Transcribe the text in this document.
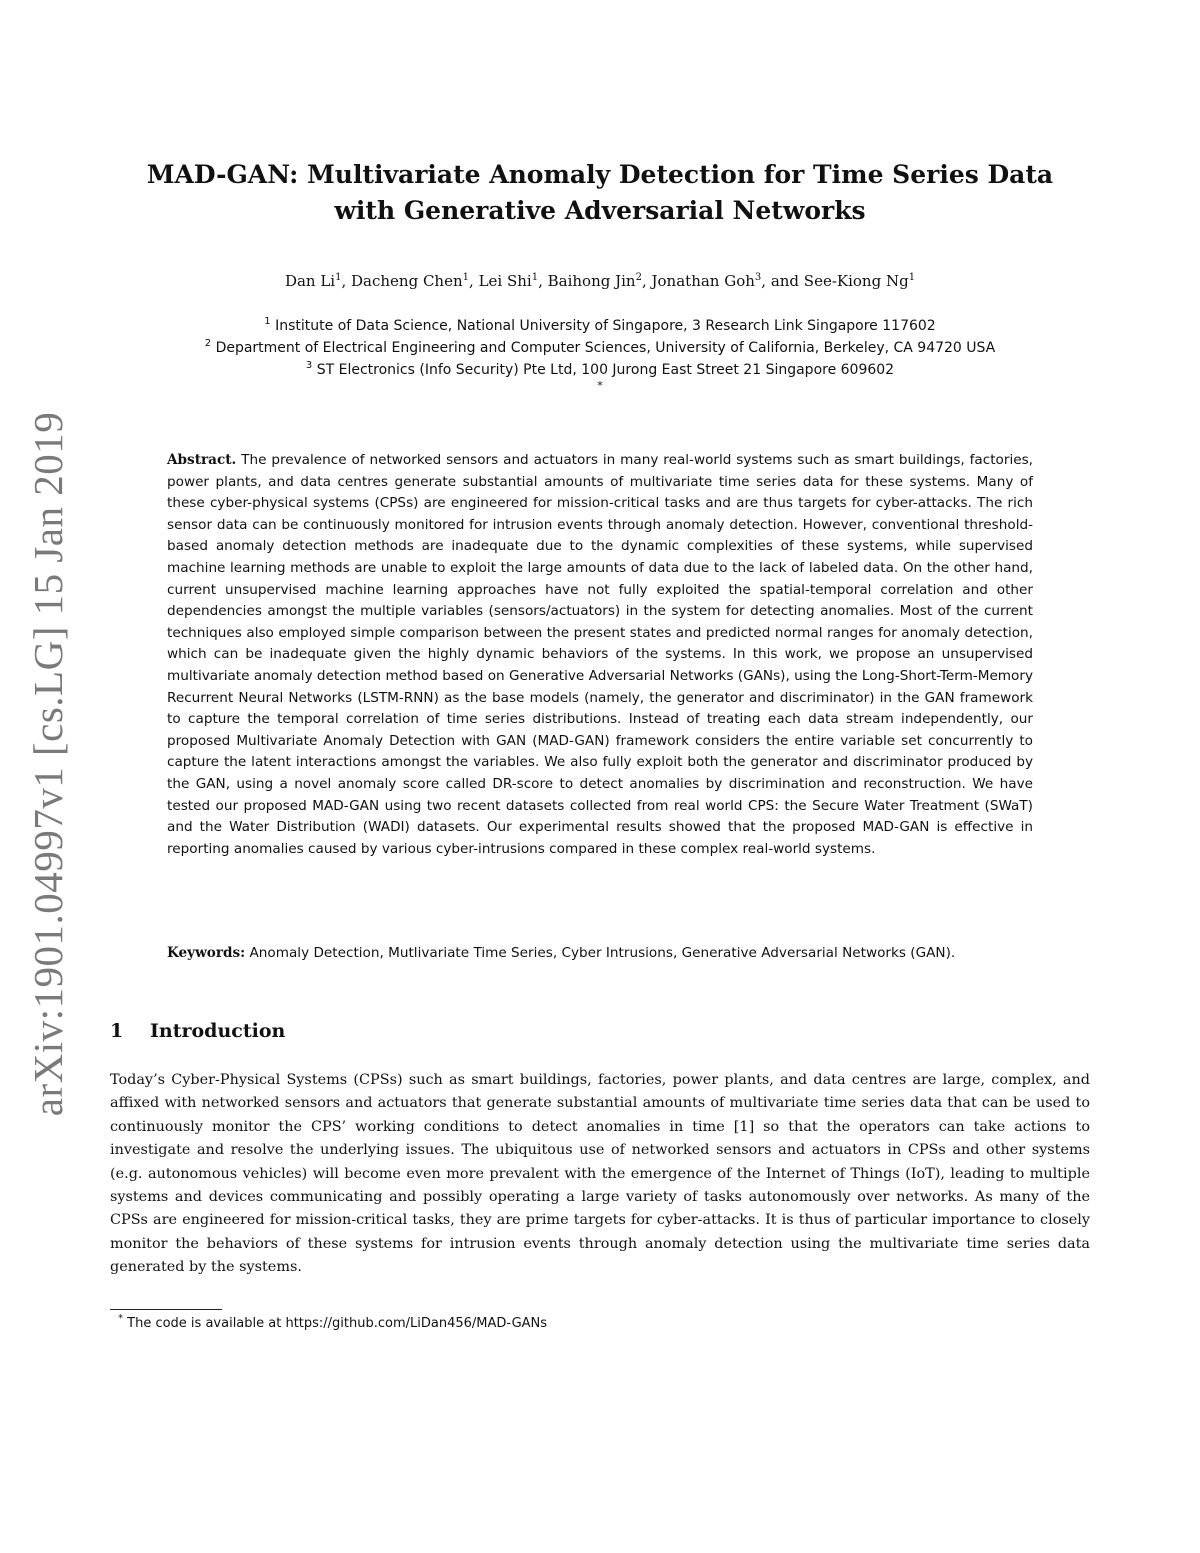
arXiv:1901.04997v1 [cs.LG] 15 Jan 2019
MAD-GAN: Multivariate Anomaly Detection for Time Series Data
with Generative Adversarial Networks
Dan Li$^1$, Dacheng Chen$^1$, Lei Shi$^1$, Baihong Jin$^2$, Jonathan Goh$^3$, and See-Kiong Ng$^1$
$^1$ Institute of Data Science, National University of Singapore, 3 Research Link Singapore 117602
$^2$ Department of Electrical Engineering and Computer Sciences, University of California, Berkeley, CA 94720 USA
$^3$ ST Electronics (Info Security) Pte Ltd, 100 Jurong East Street 21 Singapore 609602
*
Abstract. The prevalence of networked sensors and actuators in many real-world systems such as smart buildings, factories, power plants, and data centres generate substantial amounts of multivariate time series data for these systems. Many of these cyber-physical systems (CPSs) are engineered for mission-critical tasks and are thus targets for cyber-attacks. The rich sensor data can be continuously monitored for intrusion events through anomaly detection. However, conventional threshold-based anomaly detection methods are inadequate due to the dynamic complexities of these systems, while supervised machine learning methods are unable to exploit the large amounts of data due to the lack of labeled data. On the other hand, current unsupervised machine learning approaches have not fully exploited the spatial-temporal correlation and other dependencies amongst the multiple variables (sensors/actuators) in the system for detecting anomalies. Most of the current techniques also employed simple comparison between the present states and predicted normal ranges for anomaly detection, which can be inadequate given the highly dynamic behaviors of the systems. In this work, we propose an unsupervised multivariate anomaly detection method based on Generative Adversarial Networks (GANs), using the Long-Short-Term-Memory Recurrent Neural Networks (LSTM-RNN) as the base models (namely, the generator and discriminator) in the GAN framework to capture the temporal correlation of time series distributions. Instead of treating each data stream independently, our proposed Multivariate Anomaly Detection with GAN (MAD-GAN) framework considers the entire variable set concurrently to capture the latent interactions amongst the variables. We also fully exploit both the generator and discriminator produced by the GAN, using a novel anomaly score called DR-score to detect anomalies by discrimination and reconstruction. We have tested our proposed MAD-GAN using two recent datasets collected from real world CPS: the Secure Water Treatment (SWaT) and the Water Distribution (WADI) datasets. Our experimental results showed that the proposed MAD-GAN is effective in reporting anomalies caused by various cyber-intrusions compared in these complex real-world systems.
Keywords: Anomaly Detection, Mutlivariate Time Series, Cyber Intrusions, Generative Adversarial Networks (GAN).
1 Introduction
Today’s Cyber-Physical Systems (CPSs) such as smart buildings, factories, power plants, and data centres are large, complex, and affixed with networked sensors and actuators that generate substantial amounts of multivariate time series data that can be used to continuously monitor the CPS’ working conditions to detect anomalies in time [1] so that the operators can take actions to investigate and resolve the underlying issues. The ubiquitous use of networked sensors and actuators in CPSs and other systems (e.g. autonomous vehicles) will become even more prevalent with the emergence of the Internet of Things (IoT), leading to multiple systems and devices communicating and possibly operating a large variety of tasks autonomously over networks. As many of the CPSs are engineered for mission-critical tasks, they are prime targets for cyber-attacks. It is thus of particular importance to closely monitor the behaviors of these systems for intrusion events through anomaly detection using the multivariate time series data generated by the systems.
* The code is available at https://github.com/LiDan456/MAD-GANs
